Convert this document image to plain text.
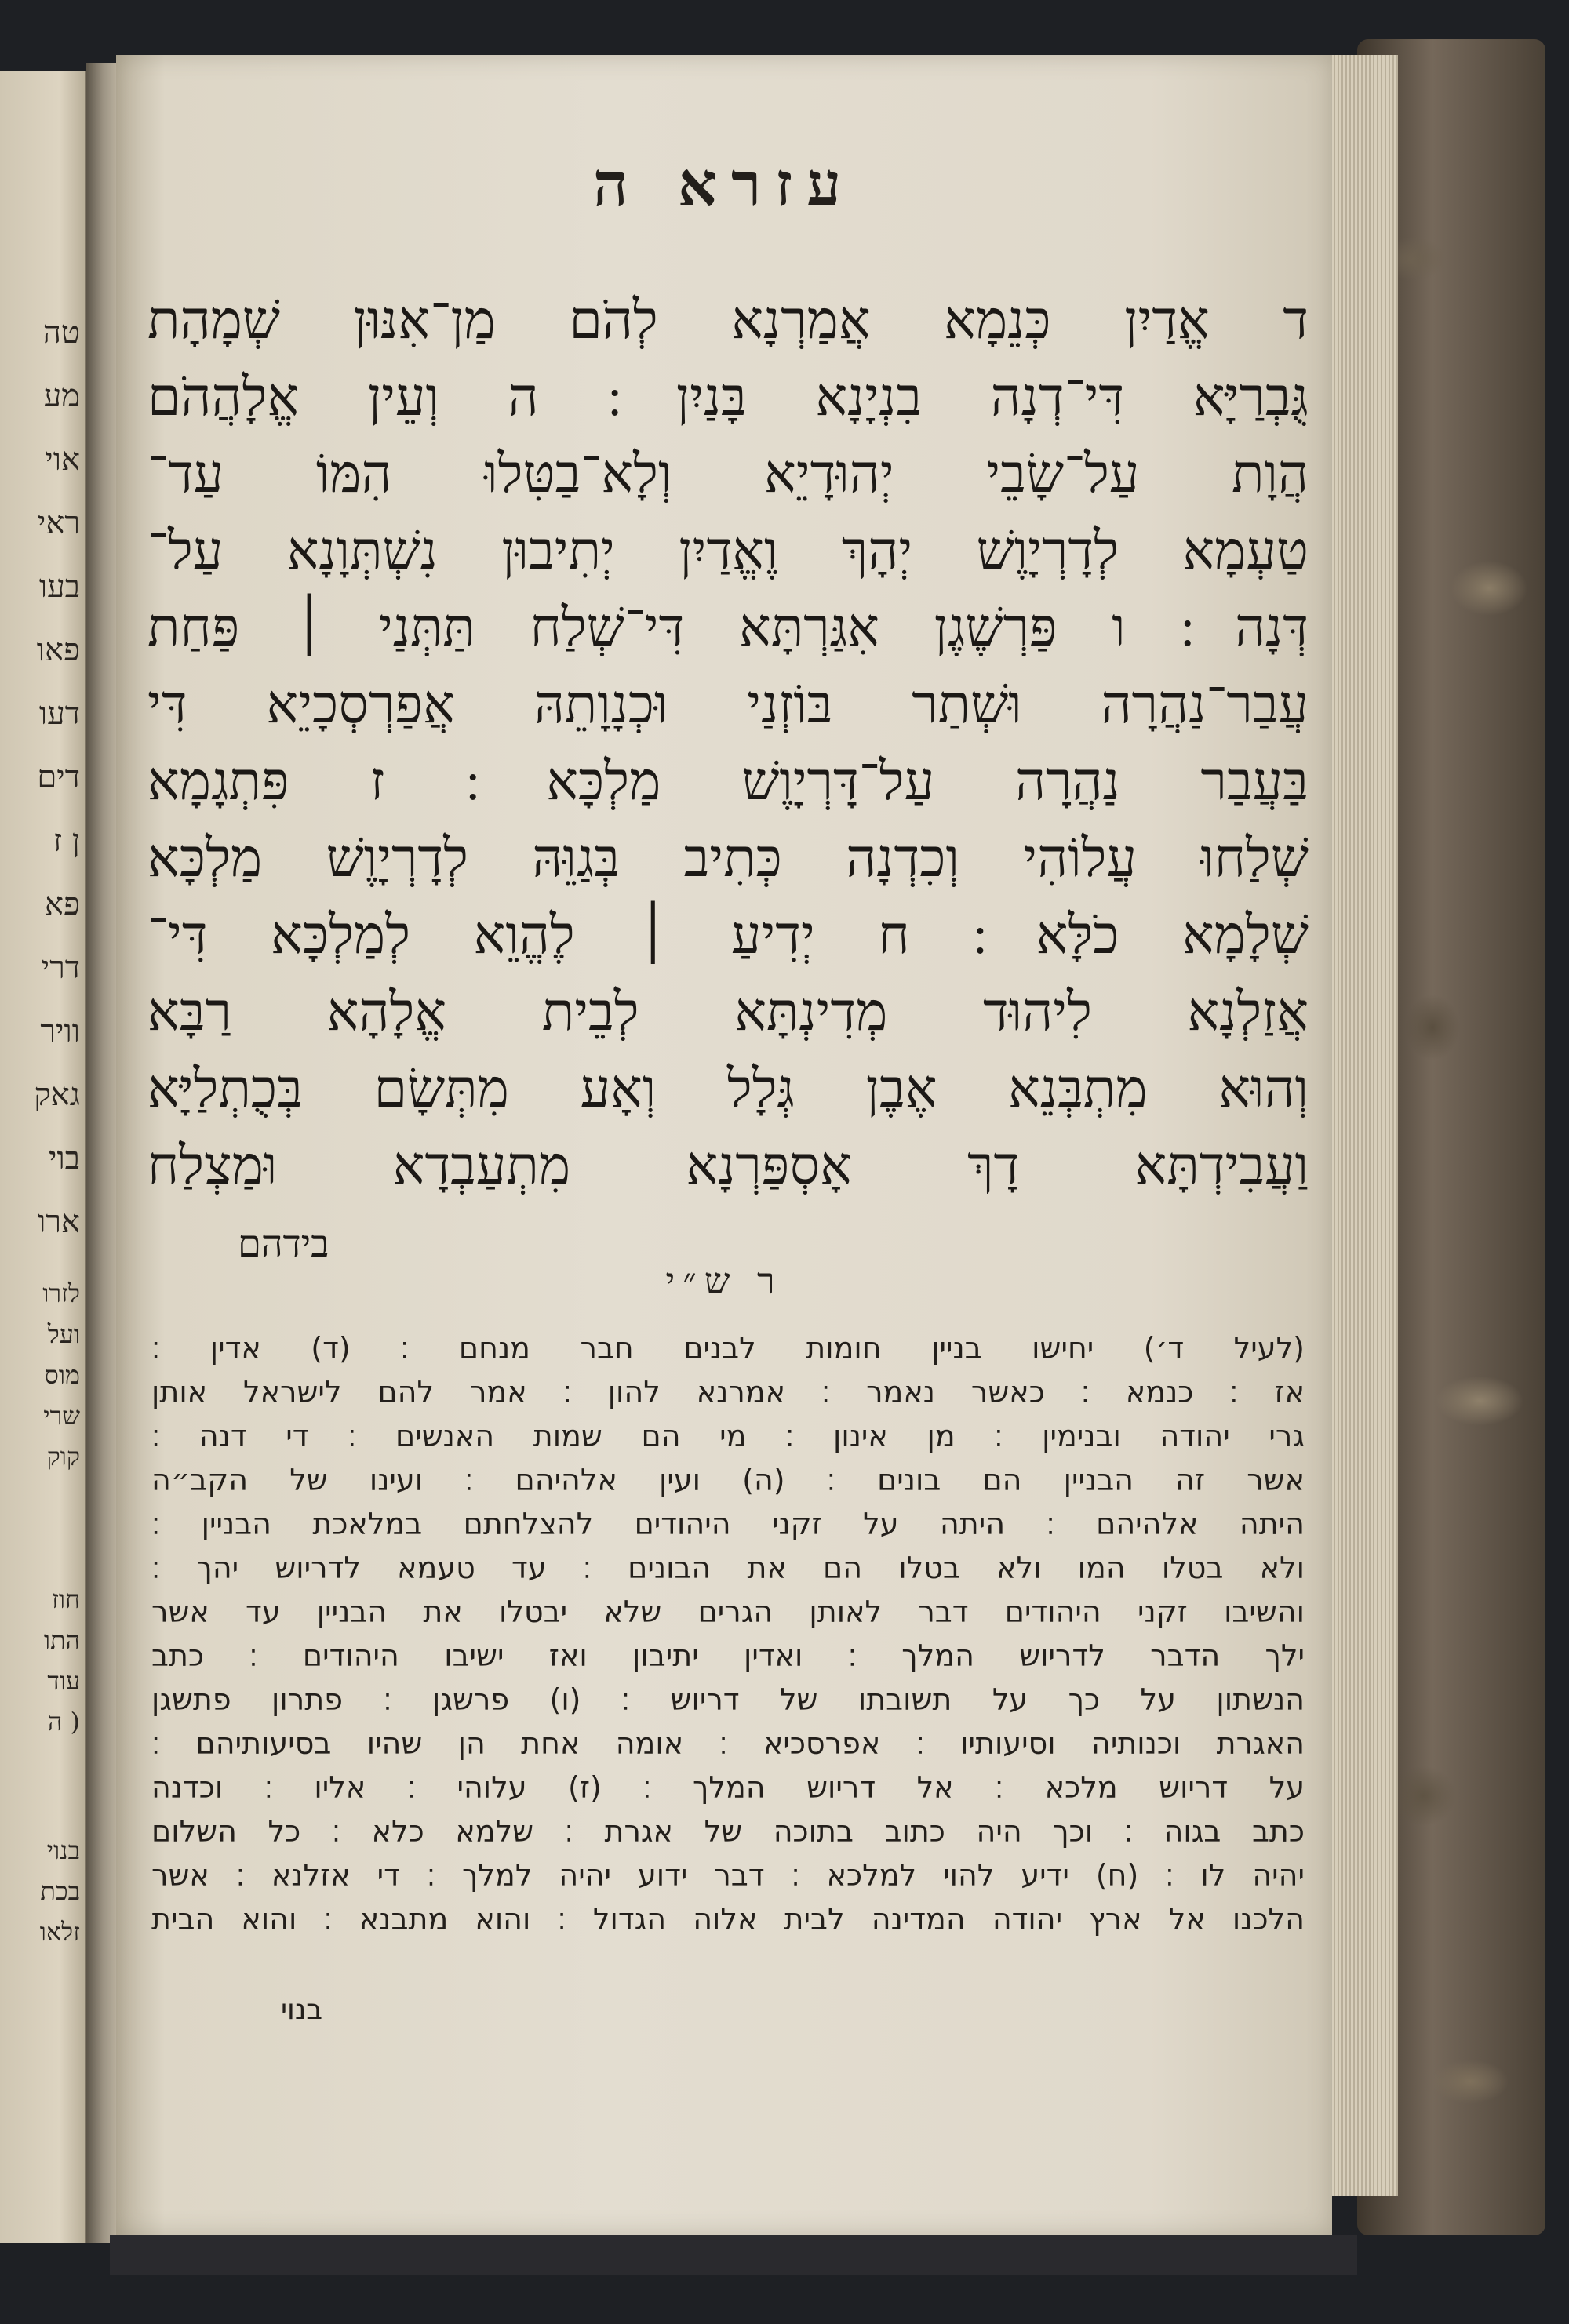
טה
מע
אוי
ראי
בעו
פאו
דעו
דים
ן ז
פא
דרי
וויר
גאק
בוי
ארו
לזרו
ועל
מוס
שרי
קוק
חוז
התו
עוד
( ה
בנוי
בכת
זלאו
עזרא ה
ד אֱדַיִן כְּנֵמָא אֲמַרְנָא לְהֹם מַן־אִנּוּן שְׁמָהָת
גֻּבְרַיָּא דִּי־דְנָה בִנְיָנָא בָּנַיִן ׃ ה וְעֵין אֱלָהֲהֹם
הֲוָת עַל־שָׂבֵי יְהוּדָיֵא וְלָא־בַטִּלוּ הִמּוֹ עַד־
טַעְמָא לְדָרְיָוֶשׁ יְהָךְ וֶאֱדַיִן יְתִיבוּן נִשְׁתְּוָנָא עַל־
דְּנָה ׃ ו פַּרְשֶׁגֶן אִגַּרְתָּא דִּי־שְׁלַח תַּתְּנַי ׀ פַּחַת
עֲבַר־נַהֲרָה וּשְׁתַר בּוֹזְנַי וּכְנָוָתֵהּ אֲפַרְסְכָיֵא דִּי
בַּעֲבַר נַהֲרָה עַל־דָּרְיָוֶשׁ מַלְכָּא ׃ ז פִּתְגָמָא
שְׁלַחוּ עֲלוֹהִי וְכִדְנָה כְּתִיב בְּגַוֵּהּ לְדָרְיָוֶשׁ מַלְכָּא
שְׁלָמָא כֹלָּא ׃ ח יְדִיעַ ׀ לֶהֱוֵא לְמַלְכָּא דִּי־
אֲזַלְנָא לִיהוּד מְדִינְתָּא לְבֵית אֱלָהָא רַבָּא
וְהוּא מִתְבְּנֵא אֶבֶן גְּלָל וְאָע מִתְּשָׂם בְּכֻתְלַיָּא
וַעֲבִידְתָּא דָךְ אָסְפַּרְנָא מִתְעַבְדָא וּמַצְלַח
בידהם
ר ש״י
(לעיל ד׳) יחישו בניין חומות לבנים חבר מנחם ׃ (ד) אדין ׃
אז ׃ כנמא ׃ כאשר נאמר ׃ אמרנא להון ׃ אמר להם לישראל אותן
גרי יהודה ובנימין ׃ מן אינון ׃ מי הם שמות האנשים ׃ די דנה ׃
אשר זה הבניין הם בונים ׃ (ה) ועין אלהיהם ׃ ועינו של הקב״ה
היתה אלהיהם ׃ היתה על זקני היהודים להצלחתם במלאכת הבניין ׃
ולא בטלו המו ולא בטלו הם את הבונים ׃ עד טעמא לדריוש יהך ׃
והשיבו זקני היהודים דבר לאותן הגרים שלא יבטלו את הבניין עד אשר
ילך הדבר לדריוש המלך ׃ ואדין יתיבון ואז ישיבו היהודים ׃ כתב
הנשתון על כך על תשובתו של דריוש ׃ (ו) פרשגן ׃ פתרון פתשגן
האגרת וכנותיה וסיעותיו ׃ אפרסכיא ׃ אומה אחת הן שהיו בסיעותיהם ׃
על דריוש מלכא ׃ אל דריוש המלך ׃ (ז) עלוהי ׃ אליו ׃ וכדנה
כתב בגוה ׃ וכך היה כתוב בתוכה של אגרת ׃ שלמא כלא ׃ כל השלום
יהיה לו ׃ (ח) ידיע להוי למלכא ׃ דבר ידוע יהיה למלך ׃ די אזלנא ׃ אשר
הלכנו אל ארץ יהודה המדינה לבית אלוה הגדול ׃ והוא מתבנא ׃ והוא הבית
בנוי
